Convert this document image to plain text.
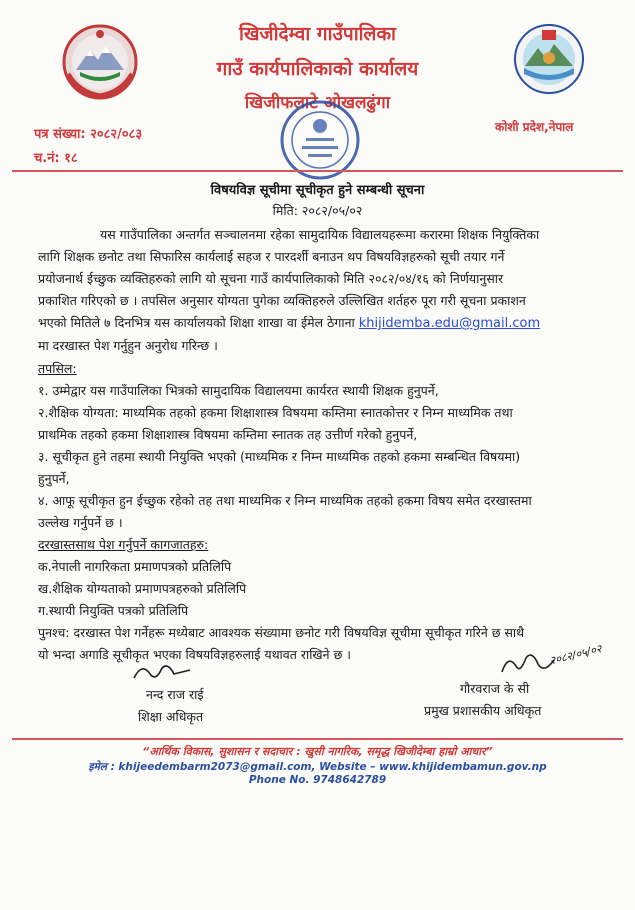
खिजीदेम्वा गाउँपालिका
गाउँ कार्यपालिकाको कार्यालय
खिजीफलाटे ओखलढुंगा
कोशी प्रदेश,नेपाल
पत्र संख्या: २०८२/०८३
च.नं: १८
विषयविज्ञ सूचीमा सूचीकृत हुने सम्बन्धी सूचना
मिति: २०८२/०५/०२

यस गाउँपालिका अन्तर्गत सञ्चालनमा रहेका सामुदायिक विद्यालयहरूमा करारमा शिक्षक नियुक्तिका

लागि शिक्षक छनोट तथा सिफारिस कार्यलाई सहज र पारदर्शी बनाउन थप विषयविज्ञहरुको सूची तयार गर्ने

प्रयोजनार्थ ईच्छुक व्यक्तिहरुको लागि यो सूचना गाउँ कार्यपालिकाको मिति २०८२/०४/१६ को निर्णयानुसार

प्रकाशित गरिएको छ । तपसिल अनुसार योग्यता पुगेका व्यक्तिहरुले उल्लिखित शर्तहरु पूरा गरी सूचना प्रकाशन

भएको मितिले ७ दिनभित्र यस कार्यालयको शिक्षा शाखा वा ईमेल ठेगाना khijidemba.edu@gmail.com

मा दरखास्त पेश गर्नुहुन अनुरोध गरिन्छ ।

तपसिल:

१. उम्मेद्वार यस गाउँपालिका भित्रको सामुदायिक विद्यालयमा कार्यरत स्थायी शिक्षक हुनुपर्ने,

२.शैक्षिक योग्यता: माध्यमिक तहको हकमा शिक्षाशास्त्र विषयमा कम्तिमा स्नातकोत्तर र निम्न माध्यमिक तथा

प्राथमिक तहको हकमा शिक्षाशास्त्र विषयमा कम्तिमा स्नातक तह उत्तीर्ण गरेको हुनुपर्ने,

३. सूचीकृत हुने तहमा स्थायी नियुक्ति भएको (माध्यमिक र निम्न माध्यमिक तहको हकमा सम्बन्धित विषयमा)

हुनुपर्ने,

४. आफू सूचीकृत हुन ईच्छुक रहेको तह तथा माध्यमिक र निम्न माध्यमिक तहको हकमा विषय समेत दरखास्तमा

उल्लेख गर्नुपर्ने छ ।

दरखास्तसाथ पेश गर्नुपर्ने कागजातहरु:

क.नेपाली नागरिकता प्रमाणपत्रको प्रतिलिपि

ख.शैक्षिक योग्यताको प्रमाणपत्रहरुको प्रतिलिपि

ग.स्थायी नियुक्ति पत्रको प्रतिलिपि

पुनश्च: दरखास्त पेश गर्नेहरू मध्येबाट आवश्यक संख्यामा छनोट गरी विषयविज्ञ सूचीमा सूचीकृत गरिने छ साथै

यो भन्दा अगाडि सूचीकृत भएका विषयविज्ञहरुलाई यथावत राखिने छ ।

नन्द राज राई
शिक्षा अधिकृत
२०८२/०५/०२
गौरवराज के सी
प्रमुख प्रशासकीय अधिकृत
“आर्थिक विकास, सुशासन र सदाचार : खुसी नागरिक, समृद्ध खिजीदेम्बा हाम्रो आधार”
इमेल : khijeedembarm2073@gmail.com, Website – www.khijidembamun.gov.np
Phone No. 9748642789
